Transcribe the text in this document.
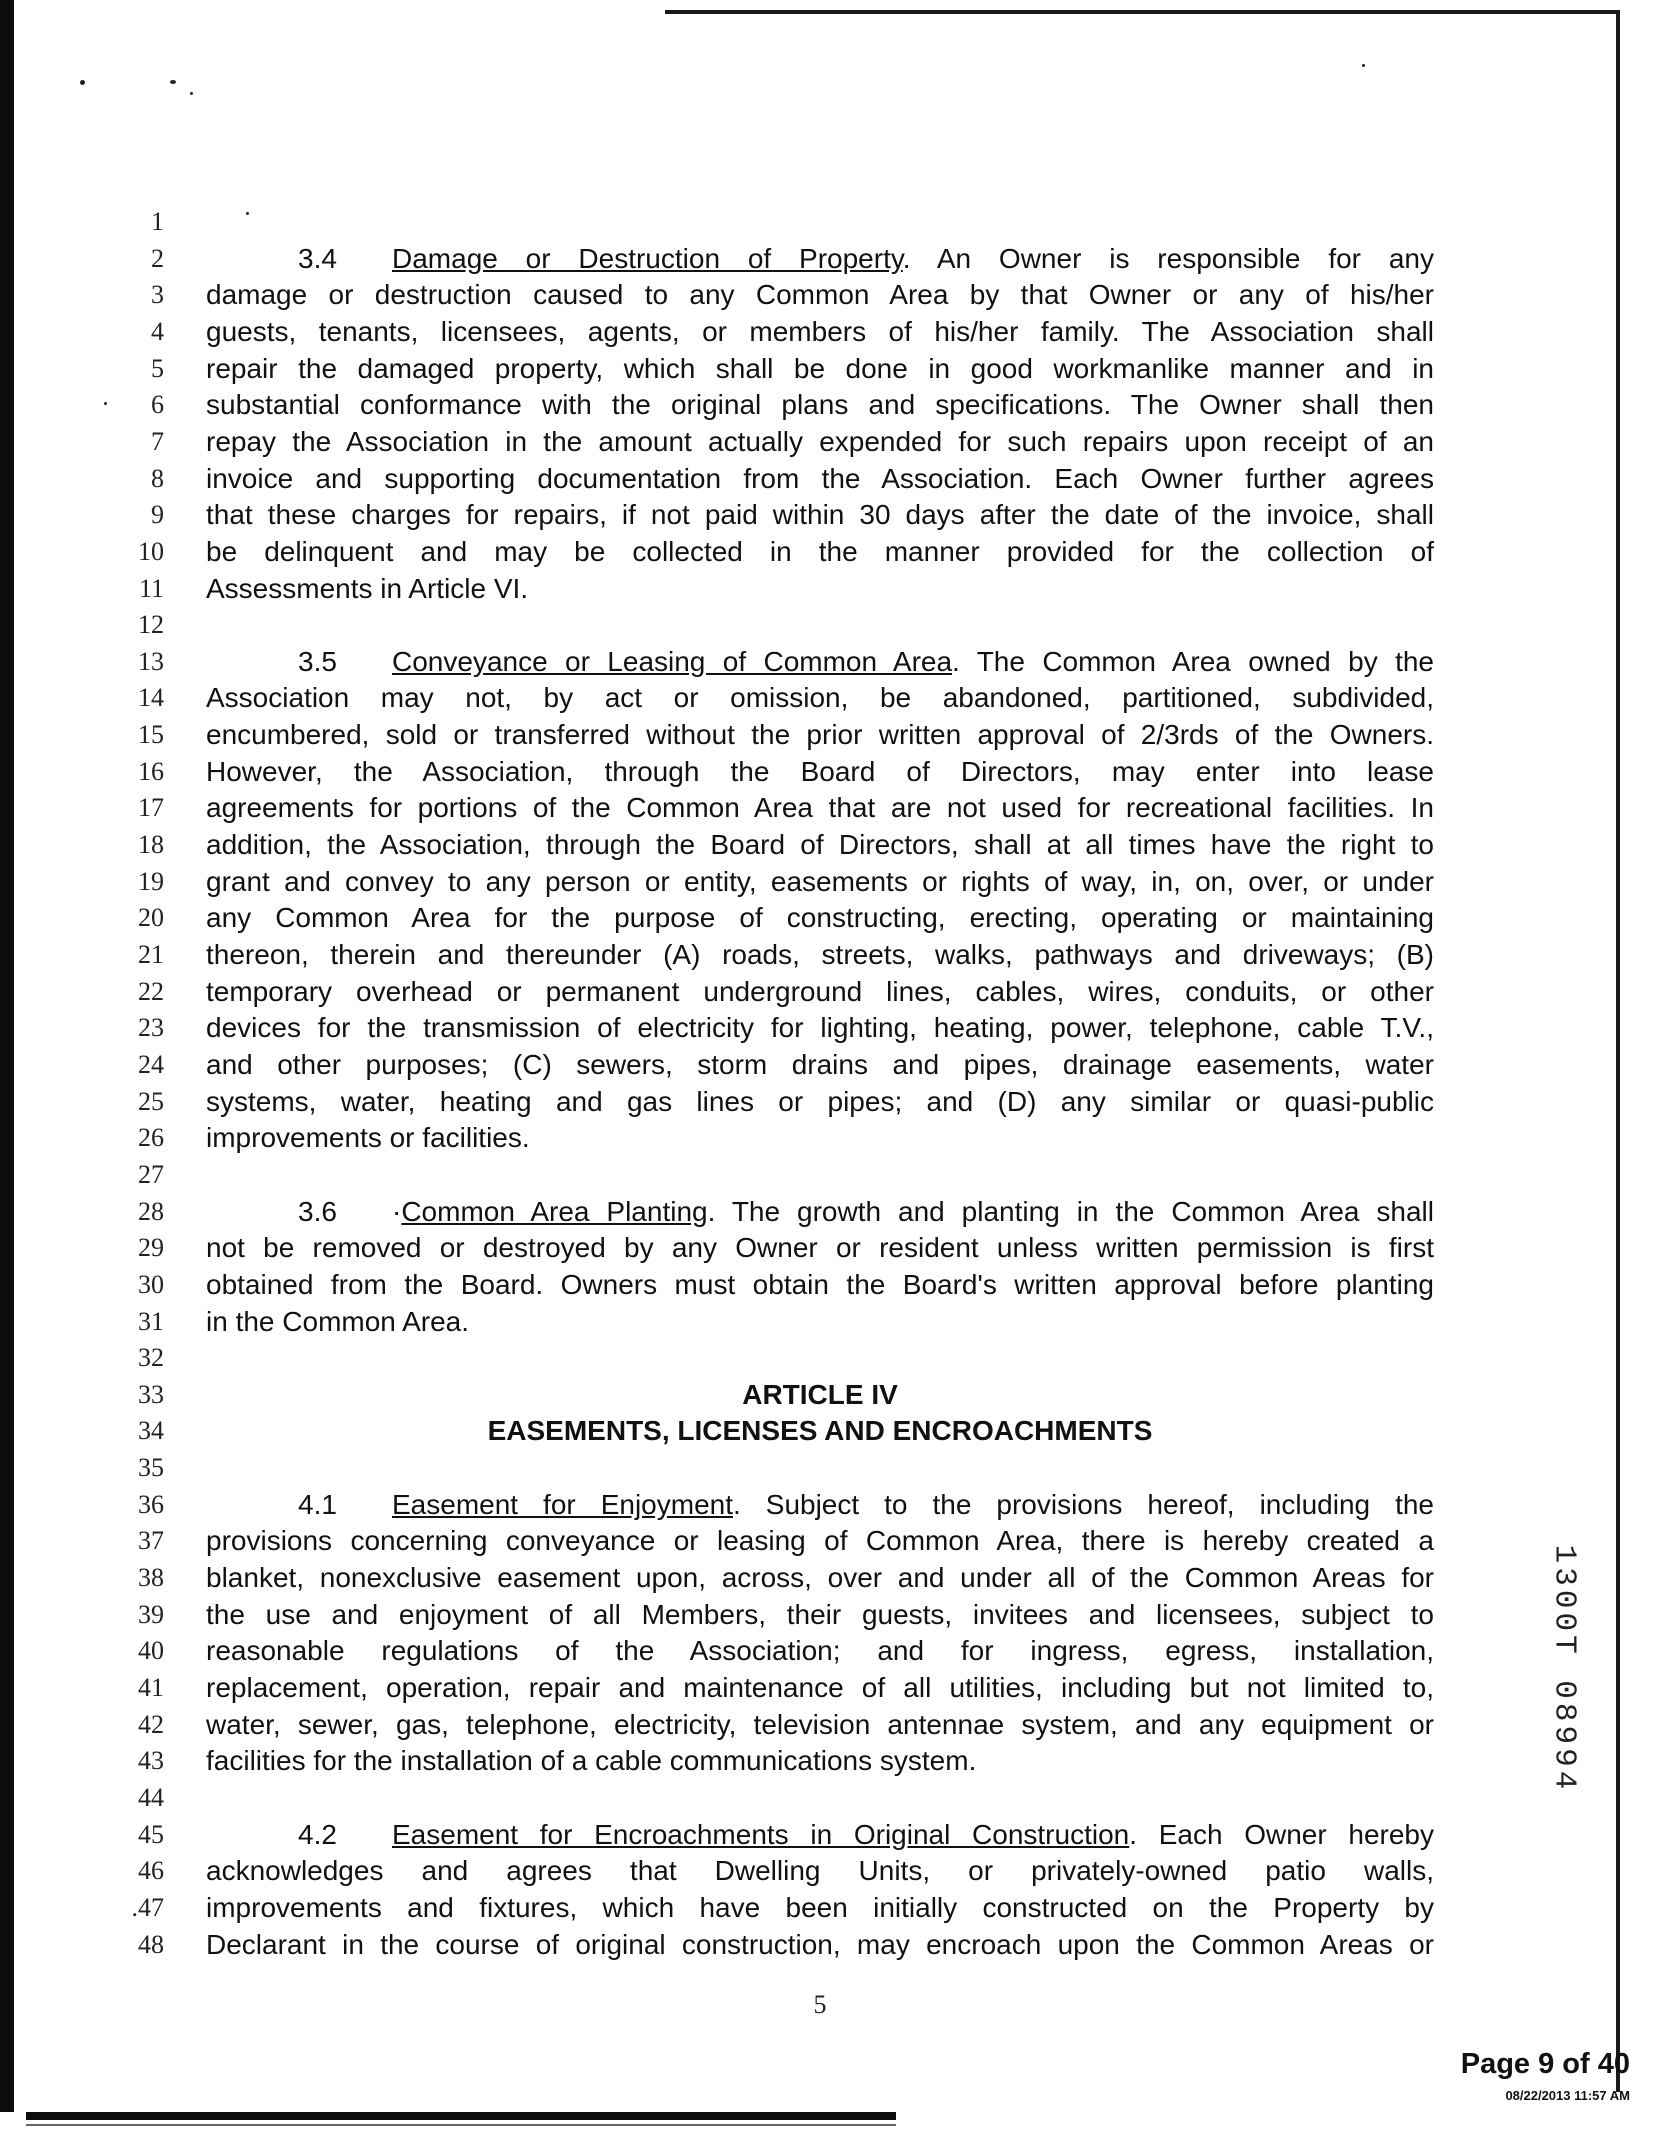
1
2	3.4 Damage or Destruction of Property. An Owner is responsible for any
3 damage or destruction caused to any Common Area by that Owner or any of his/her
4 guests, tenants, licensees, agents, or members of his/her family. The Association shall
5 repair the damaged property, which shall be done in good workmanlike manner and in
6 substantial conformance with the original plans and specifications. The Owner shall then
7 repay the Association in the amount actually expended for such repairs upon receipt of an
8 invoice and supporting documentation from the Association. Each Owner further agrees
9 that these charges for repairs, if not paid within 30 days after the date of the invoice, shall
10 be delinquent and may be collected in the manner provided for the collection of
11 Assessments in Article VI.
12
13	3.5 Conveyance or Leasing of Common Area. The Common Area owned by the
14 Association may not, by act or omission, be abandoned, partitioned, subdivided,
15 encumbered, sold or transferred without the prior written approval of 2/3rds of the Owners.
16 However, the Association, through the Board of Directors, may enter into lease
17 agreements for portions of the Common Area that are not used for recreational facilities. In
18 addition, the Association, through the Board of Directors, shall at all times have the right to
19 grant and convey to any person or entity, easements or rights of way, in, on, over, or under
20 any Common Area for the purpose of constructing, erecting, operating or maintaining
21 thereon, therein and thereunder (A) roads, streets, walks, pathways and driveways; (B)
22 temporary overhead or permanent underground lines, cables, wires, conduits, or other
23 devices for the transmission of electricity for lighting, heating, power, telephone, cable T.V.,
24 and other purposes; (C) sewers, storm drains and pipes, drainage easements, water
25 systems, water, heating and gas lines or pipes; and (D) any similar or quasi-public
26 improvements or facilities.
27
28	3.6 ·Common Area Planting. The growth and planting in the Common Area shall
29 not be removed or destroyed by any Owner or resident unless written permission is first
30 obtained from the Board. Owners must obtain the Board's written approval before planting
31 in the Common Area.
32
33	ARTICLE IV
34	EASEMENTS, LICENSES AND ENCROACHMENTS
35
36	4.1 Easement for Enjoyment. Subject to the provisions hereof, including the
37 provisions concerning conveyance or leasing of Common Area, there is hereby created a
38 blanket, nonexclusive easement upon, across, over and under all of the Common Areas for
39 the use and enjoyment of all Members, their guests, invitees and licensees, subject to
40 reasonable regulations of the Association; and for ingress, egress, installation,
41 replacement, operation, repair and maintenance of all utilities, including but not limited to,
42 water, sewer, gas, telephone, electricity, television antennae system, and any equipment or
43 facilities for the installation of a cable communications system.
44
45	4.2 Easement for Encroachments in Original Construction. Each Owner hereby
46 acknowledges and agrees that Dwelling Units, or privately-owned patio walls,
.47 improvements and fixtures, which have been initially constructed on the Property by
48 Declarant in the course of original construction, may encroach upon the Common Areas or
5
Page 9 of 40
08/22/2013 11:57 AM
1300T 08994
